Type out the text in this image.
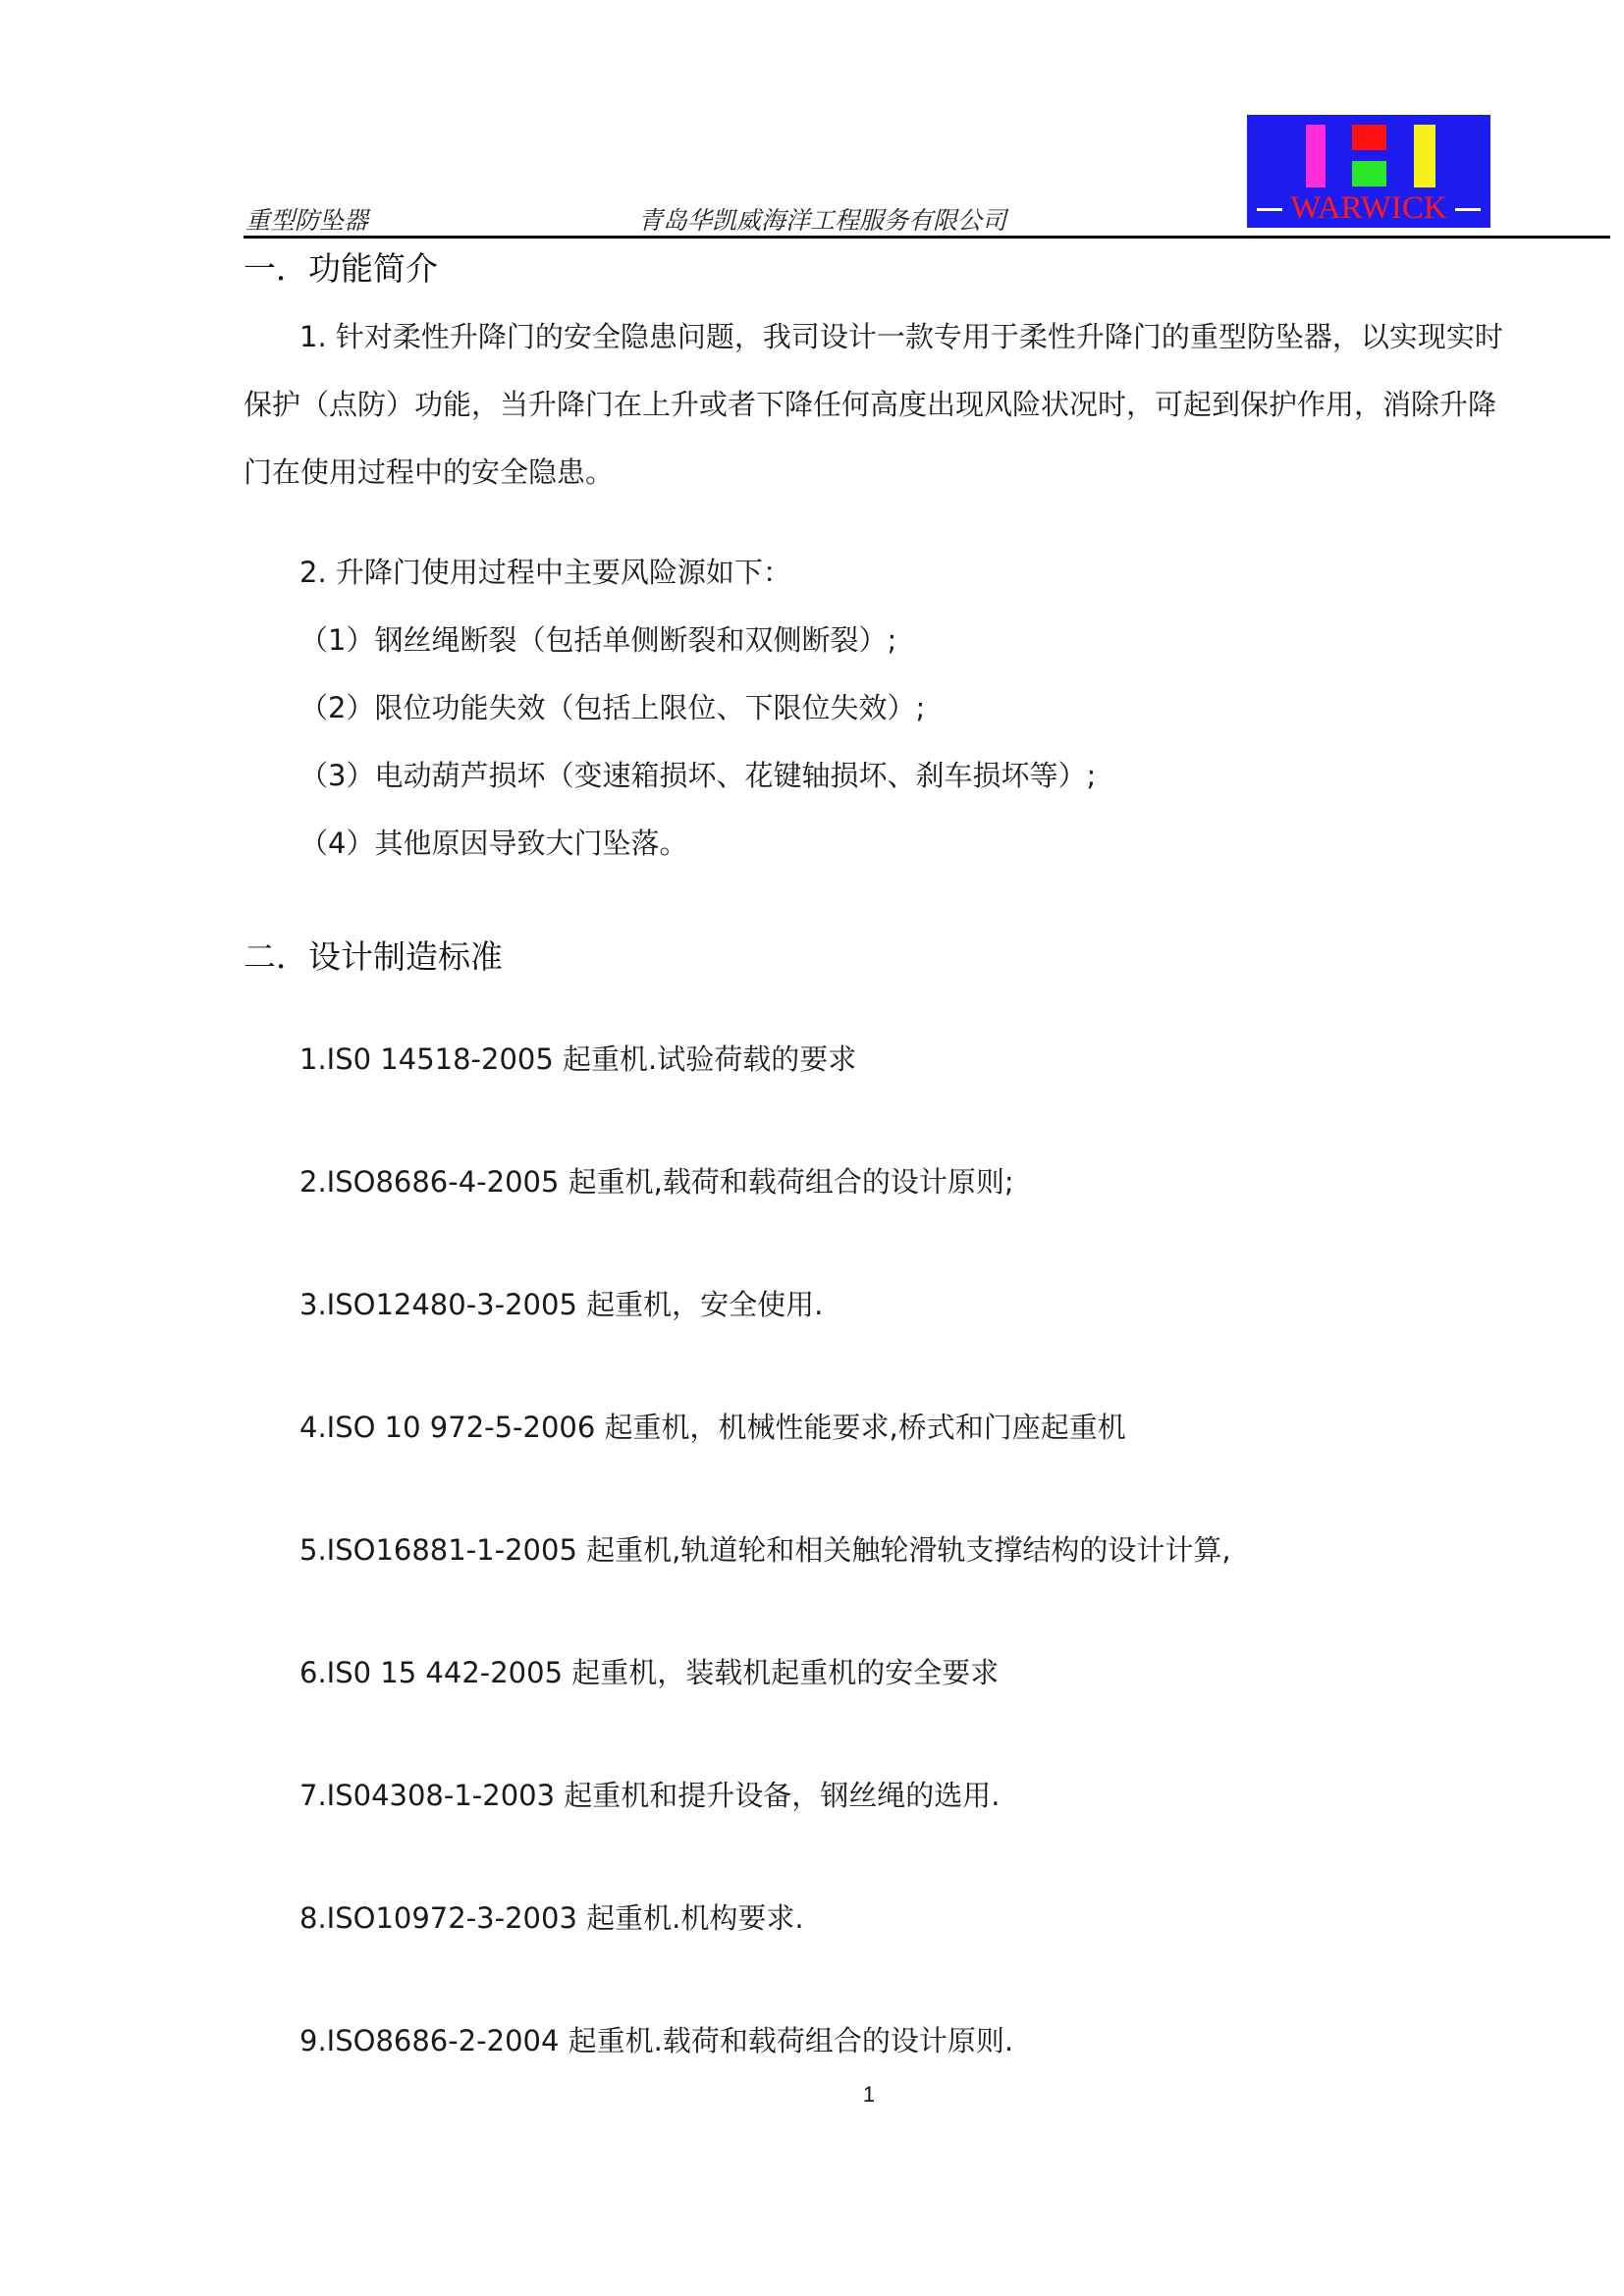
重型防坠器	青岛华凯威海洋工程服务有限公司	WARWICK
一．功能简介
1. 针对柔性升降门的安全隐患问题，我司设计一款专用于柔性升降门的重型防坠器，以实现实时
保护（点防）功能，当升降门在上升或者下降任何高度出现风险状况时，可起到保护作用，消除升降
门在使用过程中的安全隐患。
2. 升降门使用过程中主要风险源如下：
（1）钢丝绳断裂（包括单侧断裂和双侧断裂）;
（2）限位功能失效（包括上限位、下限位失效）;
（3）电动葫芦损坏（变速箱损坏、花键轴损坏、刹车损坏等）;
（4）其他原因导致大门坠落。
二．设计制造标准
1.IS0 14518-2005 起重机.试验荷载的要求
2.ISO8686-4-2005 起重机,载荷和载荷组合的设计原则;
3.ISO12480-3-2005 起重机，安全使用.
4.ISO 10 972-5-2006 起重机，机械性能要求,桥式和门座起重机
5.ISO16881-1-2005 起重机,轨道轮和相关触轮滑轨支撑结构的设计计算,
6.IS0 15 442-2005 起重机，装载机起重机的安全要求
7.IS04308-1-2003 起重机和提升设备，钢丝绳的选用.
8.ISO10972-3-2003 起重机.机构要求.
9.ISO8686-2-2004 起重机.载荷和载荷组合的设计原则.
1
